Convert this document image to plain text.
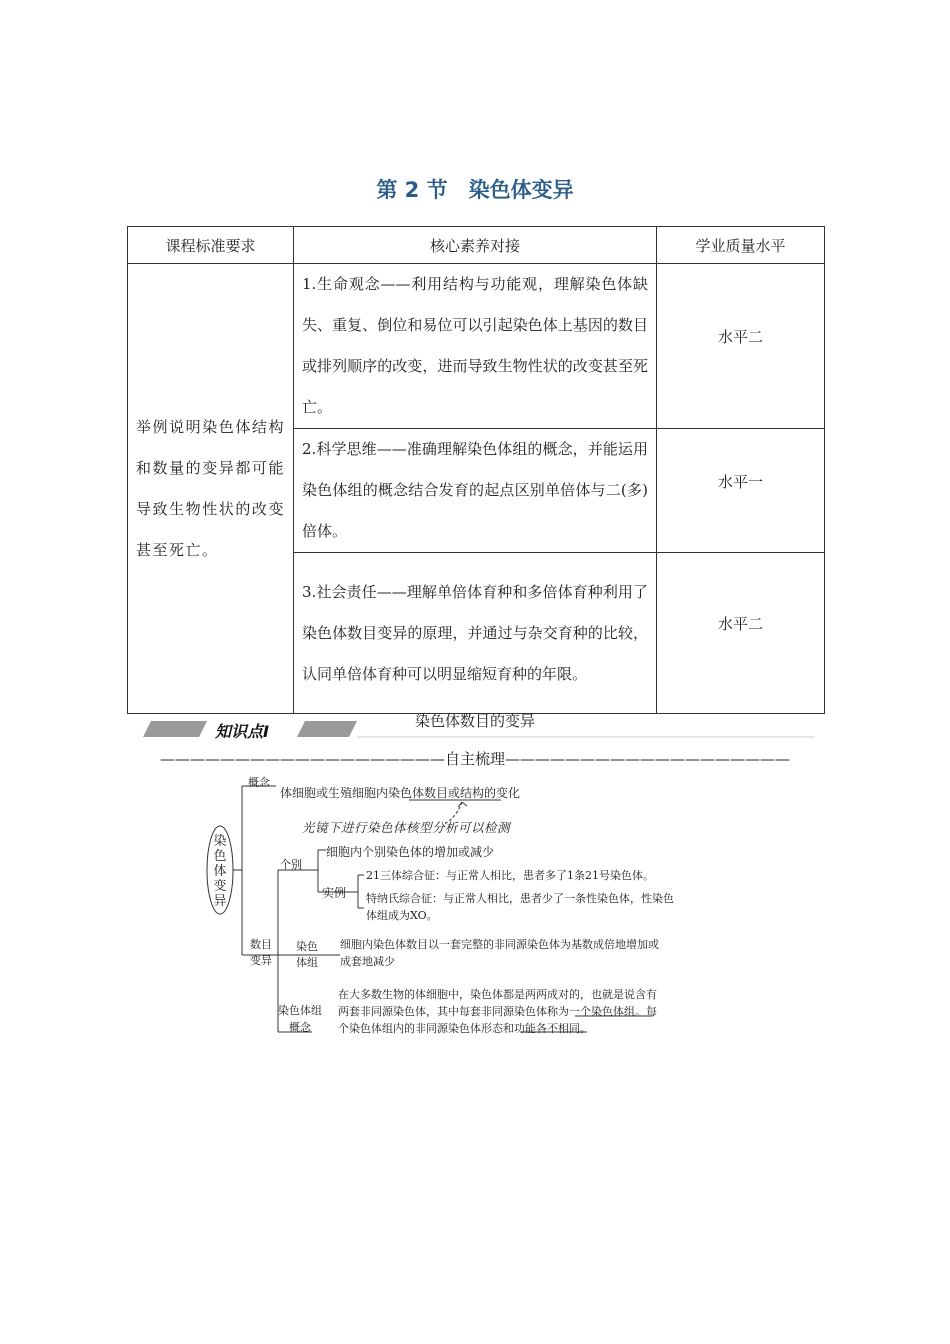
第 2 节　染色体变异
课程标准要求	核心素养对接	学业质量水平
举例说明染色体结构和数量的变异都可能导致生物性状的改变甚至死亡。	1.生命观念——利用结构与功能观，理解染色体缺失、重复、倒位和易位可以引起染色体上基因的数目或排列顺序的改变，进而导致生物性状的改变甚至死亡。	水平二
	2.科学思维——准确理解染色体组的概念，并能运用染色体组的概念结合发育的起点区别单倍体与二(多)倍体。	水平一
	3.社会责任——理解单倍体育种和多倍体育种利用了染色体数目变异的原理，并通过与杂交育种的比较，认同单倍体育种可以明显缩短育种的年限。	水平二
知识点Ⅰ
染色体数目的变异
———————————————————自主梳理———————————————————
染
色
体
变
异
概念
体细胞或生殖细胞内染色体数目或结构的变化
光镜下进行染色体核型分析可以检测
数目
变异
个别
细胞内个别染色体的增加或减少
实例
21三体综合征：与正常人相比，患者多了1条21号染色体。
特纳氏综合征：与正常人相比，患者少了一条性染色体，性染色
体组成为XO。
染色
体组
细胞内染色体数目以一套完整的非同源染色体为基数成倍地增加或
成套地减少
染色体组
概念
在大多数生物的体细胞中，染色体都是两两成对的，也就是说含有
两套非同源染色体，其中每套非同源染色体称为一个染色体组。每
个染色体组内的非同源染色体形态和功能各不相同。
